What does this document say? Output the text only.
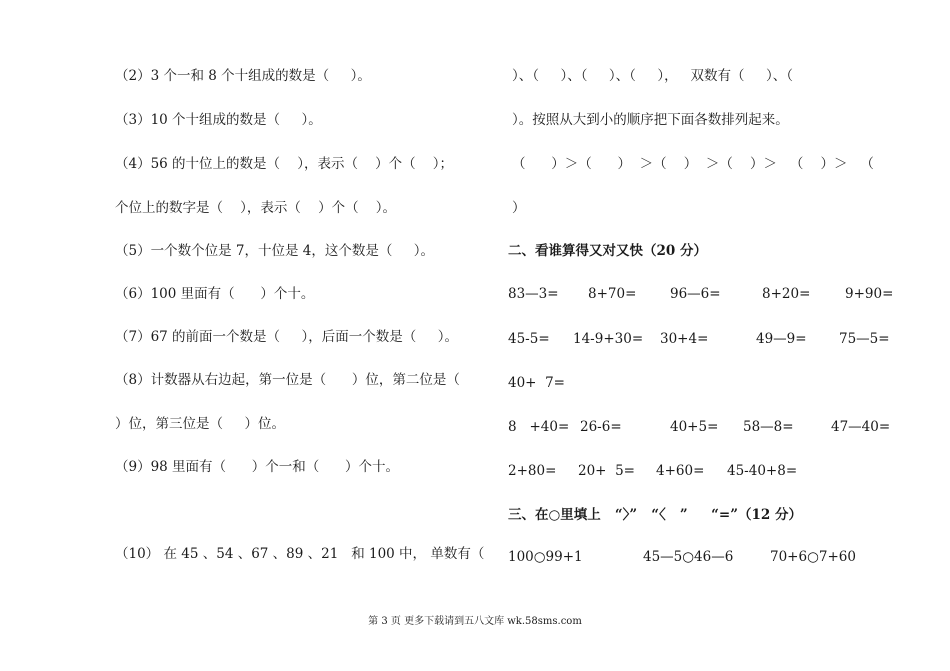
（2）3 个一和 8 个十组成的数是（     ）。
（3）10 个十组成的数是（     ）。
（4）56 的十位上的数是（    ），表示（    ）个（    ）；
个位上的数字是（    ），表示（    ）个（    ）。
（5）一个数个位是 7，十位是 4，这个数是（     ）。
（6）100 里面有（      ）个十。
（7）67 的前面一个数是（     ），后面一个数是（     ）。
（8）计数器从右边起，第一位是（      ）位，第二位是（
）位，第三位是（     ）位。
（9）98 里面有（      ）个一和（      ）个十。
（10） 在 45 、54 、67 、89 、21   和 100 中， 单数有（
）、（     ）、（     ）、（     ），   双数有（     ）、（
）。按照从大到小的顺序把下面各数排列起来。
（      ）＞（      ）  ＞（    ）  ＞（    ）＞   （    ）＞   （
）
二、看谁算得又对又快（20 分）
83—3= 8+70= 96—6=	8+20=	9+90=
45-5= 14-9+30= 30+4=	49—9= 75—5=
40+  7=
8   +40= 26-6=	40+5= 58—8=	47—40=
2+80= 20+  5= 4+60= 45-40+8=
三、在○里填上   “〉”   “〈   ”     “=”（12 分）
100○99+1	45—5○46—6	70+6○7+60
第 3 页 更多下载请到五八文库 wk.58sms.com
